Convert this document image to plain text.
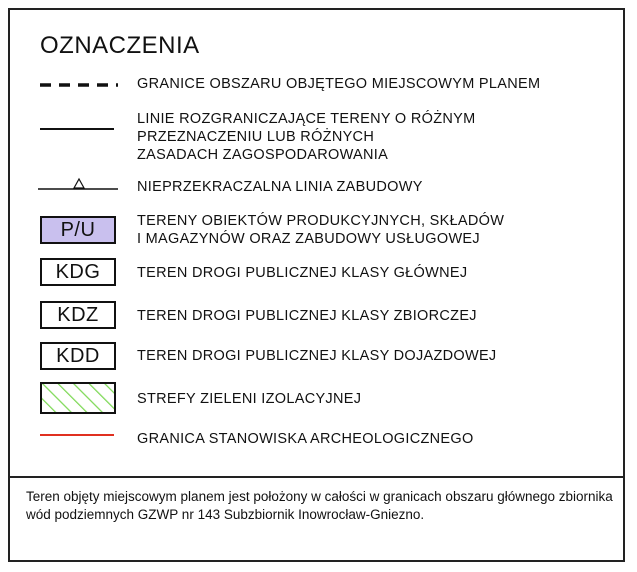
OZNACZENIA
GRANICE OBSZARU OBJĘTEGO MIEJSCOWYM PLANEM
LINIE ROZGRANICZAJĄCE TERENY O RÓŻNYM
PRZEZNACZENIU LUB RÓŻNYCH
ZASADACH ZAGOSPODAROWANIA
NIEPRZEKRACZALNA LINIA ZABUDOWY
P/U	TERENY OBIEKTÓW PRODUKCYJNYCH, SKŁADÓW
I MAGAZYNÓW ORAZ ZABUDOWY USŁUGOWEJ
KDG	TEREN DROGI PUBLICZNEJ KLASY GŁÓWNEJ
KDZ	TEREN DROGI PUBLICZNEJ KLASY ZBIORCZEJ
KDD	TEREN DROGI PUBLICZNEJ KLASY DOJAZDOWEJ
STREFY ZIELENI IZOLACYJNEJ
GRANICA STANOWISKA ARCHEOLOGICZNEGO
Teren objęty miejscowym planem jest położony w całości w granicach obszaru głównego zbiornika wód podziemnych GZWP nr 143 Subzbiornik Inowrocław-Gniezno.
